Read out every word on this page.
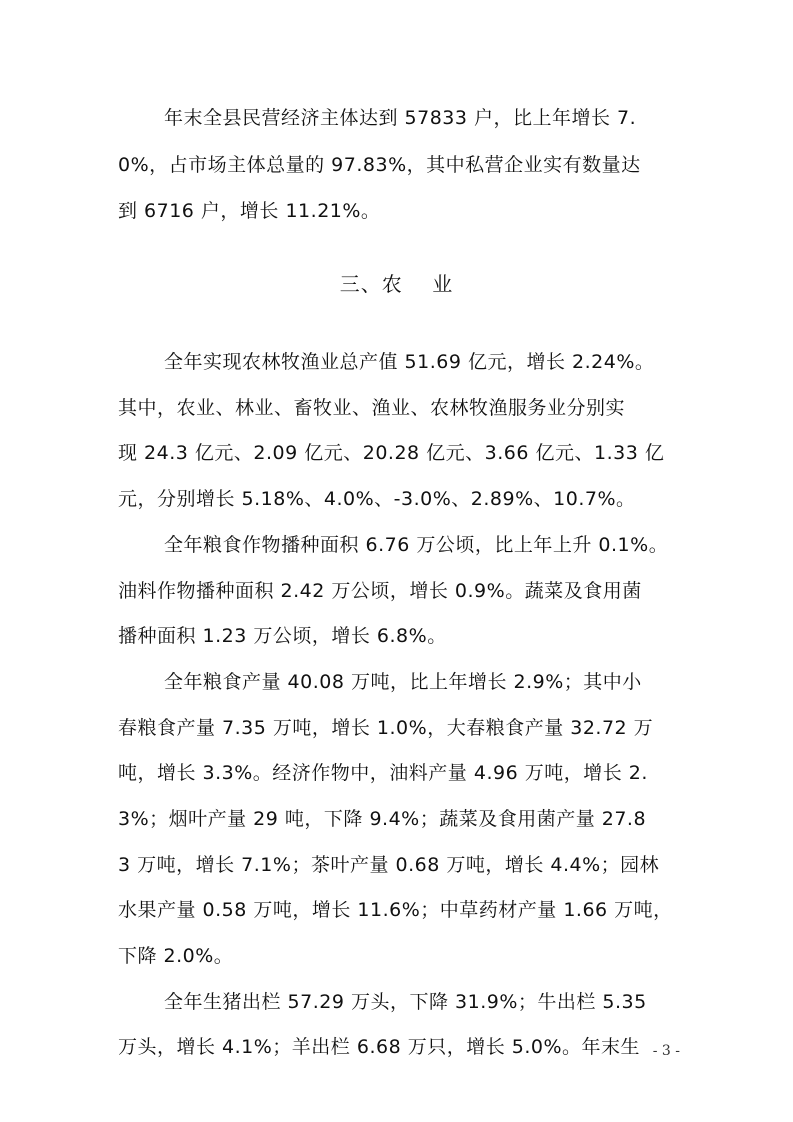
年末全县民营经济主体达到 57833 户，比上年增长 7.
0%，占市场主体总量的 97.83%，其中私营企业实有数量达
到 6716 户，增长 11.21%。
三、农    业
全年实现农林牧渔业总产值 51.69 亿元，增长 2.24%。
其中，农业、林业、畜牧业、渔业、农林牧渔服务业分别实
现 24.3 亿元、2.09 亿元、20.28 亿元、3.66 亿元、1.33 亿
元，分别增长 5.18%、4.0%、-3.0%、2.89%、10.7%。
全年粮食作物播种面积 6.76 万公顷，比上年上升 0.1%。
油料作物播种面积 2.42 万公顷，增长 0.9%。蔬菜及食用菌
播种面积 1.23 万公顷，增长 6.8%。
全年粮食产量 40.08 万吨，比上年增长 2.9%；其中小
春粮食产量 7.35 万吨，增长 1.0%，大春粮食产量 32.72 万
吨，增长 3.3%。经济作物中，油料产量 4.96 万吨，增长 2.
3%；烟叶产量 29 吨，下降 9.4%；蔬菜及食用菌产量 27.8
3 万吨，增长 7.1%；茶叶产量 0.68 万吨，增长 4.4%；园林
水果产量 0.58 万吨，增长 11.6%；中草药材产量 1.66 万吨，
下降 2.0%。
全年生猪出栏 57.29 万头，下降 31.9%；牛出栏 5.35
万头，增长 4.1%；羊出栏 6.68 万只，增长 5.0%。年末生 - 3 -
